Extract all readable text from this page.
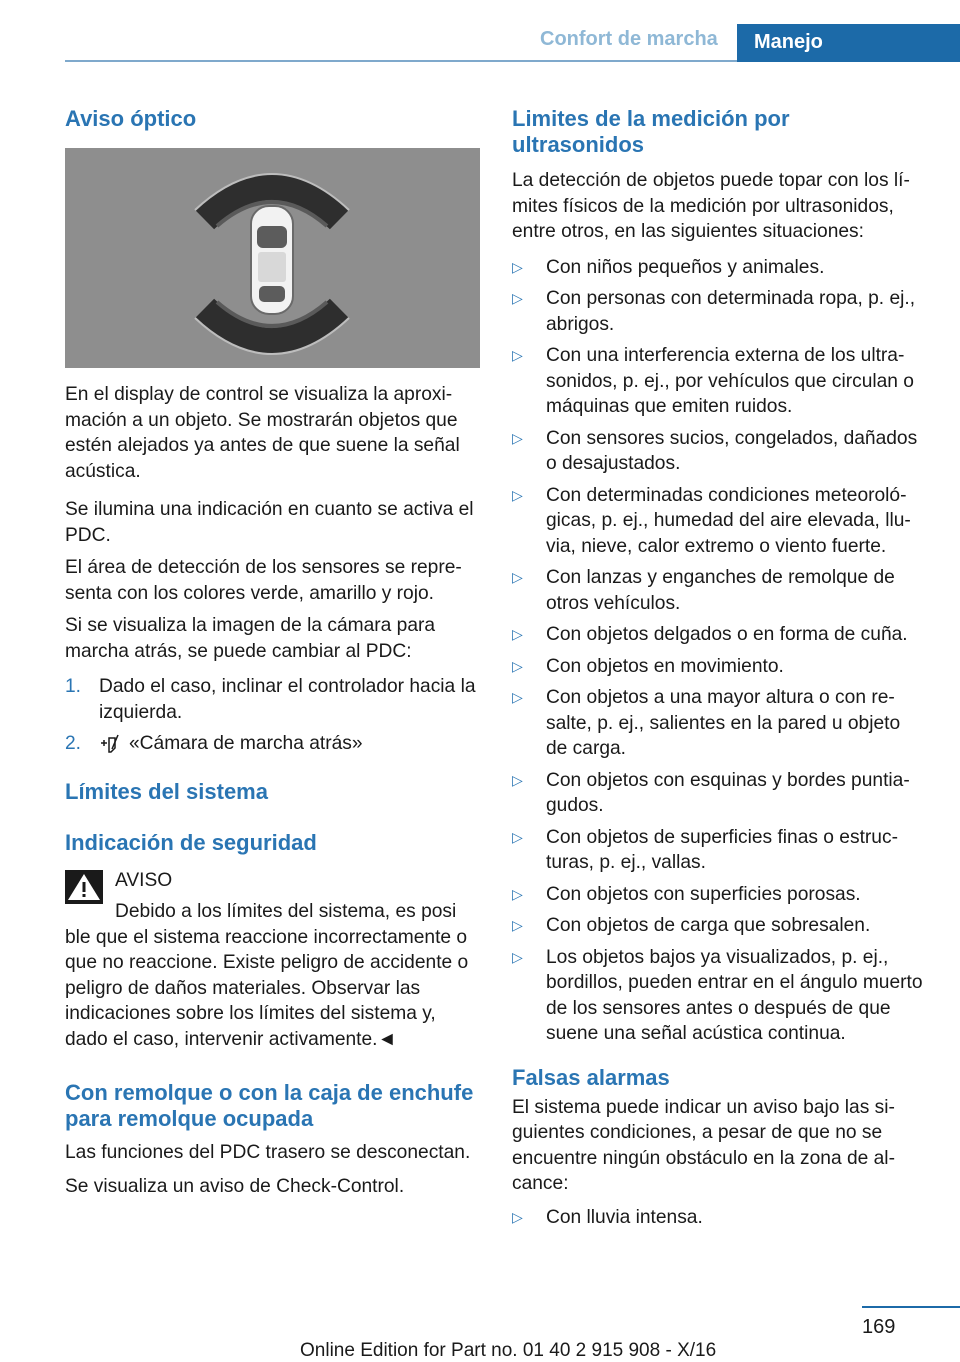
Confort de marcha	Manejo
Aviso óptico

En el display de control se visualiza la aproximación a un objeto. Se mostrarán objetos que estén alejados ya antes de que suene la señal acústica.

Se ilumina una indicación en cuanto se activa el PDC.

El área de detección de los sensores se representa con los colores verde, amarillo y rojo.

Si se visualiza la imagen de la cámara para marcha atrás, se puede cambiar al PDC:

1. Dado el caso, inclinar el controlador hacia la izquierda.
2.	«Cámara de marcha atrás»
Límites del sistema
Indicación de seguridad
AVISO
Debido a los límites del sistema, es posi
ble que el sistema reaccione incorrectamente o que no reaccione. Existe peligro de accidente o peligro de daños materiales. Observar las indicaciones sobre los límites del sistema y, dado el caso, intervenir activamente.◄
Con remolque o con la caja de enchufe para remolque ocupada

Las funciones del PDC trasero se desconectan.

Se visualiza un aviso de Check-Control.

Limites de la medición por ultrasonidos

La detección de objetos puede topar con los límites físicos de la medición por ultrasonidos, entre otros, en las siguientes situaciones:

▷	Con niños pequeños y animales.
▷	Con personas con determinada ropa, p. ej., abrigos.
▷	Con una interferencia externa de los ultrasonidos, p. ej., por vehículos que circulan o máquinas que emiten ruidos.
▷	Con sensores sucios, congelados, dañados o desajustados.
▷	Con determinadas condiciones meteorológicas, p. ej., humedad del aire elevada, lluvia, nieve, calor extremo o viento fuerte.
▷	Con lanzas y enganches de remolque de otros vehículos.
▷	Con objetos delgados o en forma de cuña.
▷	Con objetos en movimiento.
▷	Con objetos a una mayor altura o con resalte, p. ej., salientes en la pared u objeto de carga.
▷	Con objetos con esquinas y bordes puntiagudos.
▷	Con objetos de superficies finas o estructuras, p. ej., vallas.
▷	Con objetos con superficies porosas.
▷	Con objetos de carga que sobresalen.
▷	Los objetos bajos ya visualizados, p. ej., bordillos, pueden entrar en el ángulo muerto de los sensores antes o después de que suene una señal acústica continua.
Falsas alarmas

El sistema puede indicar un aviso bajo las siguientes condiciones, a pesar de que no se encuentre ningún obstáculo en la zona de alcance:

▷	Con lluvia intensa.
169
Online Edition for Part no. 01 40 2 915 908 - X/16
